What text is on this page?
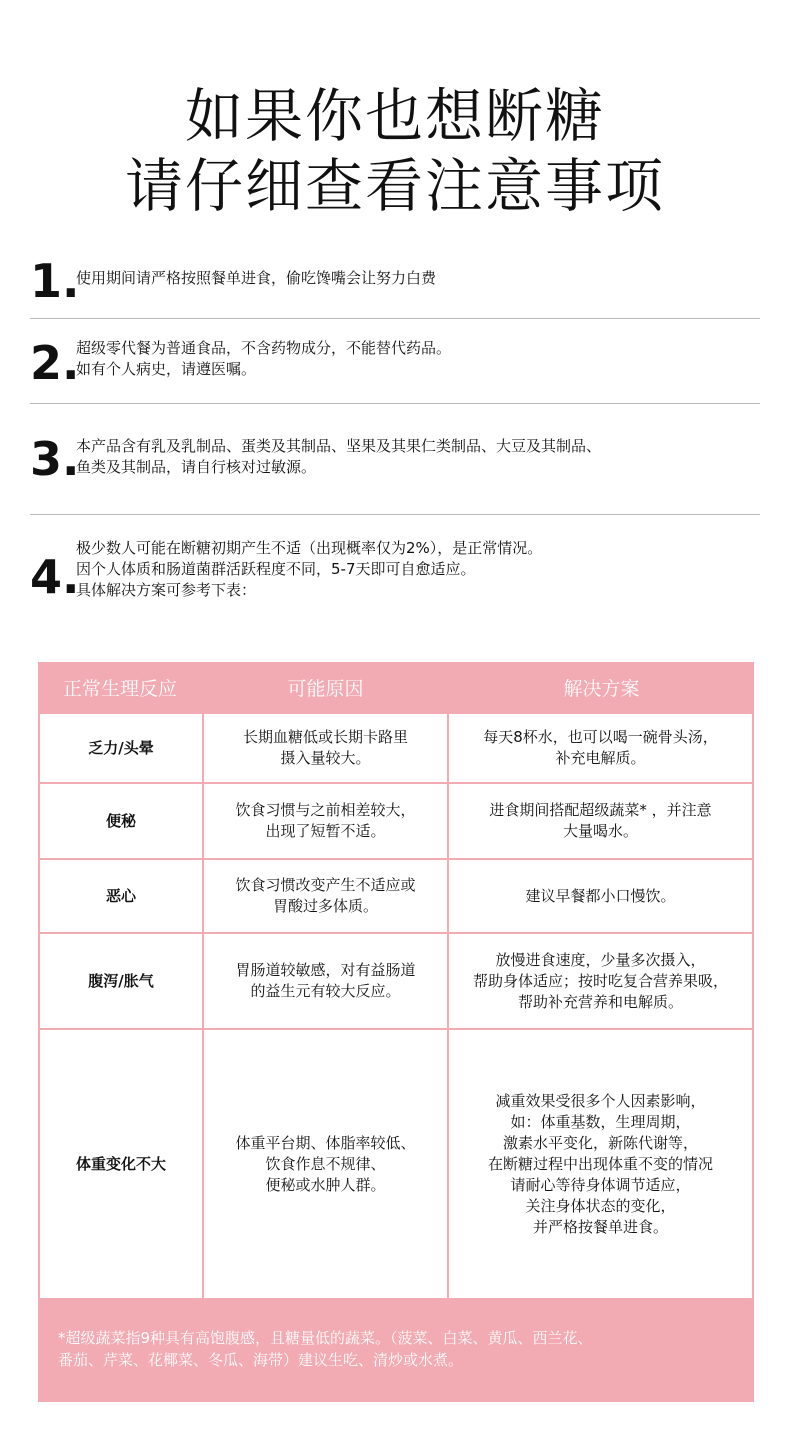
如果你也想断糖
请仔细查看注意事项
1.
使用期间请严格按照餐单进食，偷吃馋嘴会让努力白费
2.
超级零代餐为普通食品，不含药物成分，不能替代药品。
如有个人病史，请遵医嘱。
3.
本产品含有乳及乳制品、蛋类及其制品、坚果及其果仁类制品、大豆及其制品、
鱼类及其制品，请自行核对过敏源。
4.
极少数人可能在断糖初期产生不适（出现概率仅为2%），是正常情况。
因个人体质和肠道菌群活跃程度不同，5-7天即可自愈适应。
具体解决方案可参考下表：
正常生理反应	可能原因	解决方案
乏力/头晕
长期血糖低或长期卡路里
摄入量较大。
每天8杯水，也可以喝一碗骨头汤，
补充电解质。
便秘
饮食习惯与之前相差较大，
出现了短暂不适。
进食期间搭配超级蔬菜* ，并注意
大量喝水。
恶心
饮食习惯改变产生不适应或
胃酸过多体质。
建议早餐都小口慢饮。
腹泻/胀气
胃肠道较敏感，对有益肠道
的益生元有较大反应。
放慢进食速度，少量多次摄入，
帮助身体适应；按时吃复合营养果吸，
帮助补充营养和电解质。
体重变化不大
体重平台期、体脂率较低、
饮食作息不规律、
便秘或水肿人群。
减重效果受很多个人因素影响，
如：体重基数，生理周期，
激素水平变化，新陈代谢等，
在断糖过程中出现体重不变的情况
请耐心等待身体调节适应，
关注身体状态的变化，
并严格按餐单进食。
*超级蔬菜指9种具有高饱腹感，且糖量低的蔬菜。（菠菜、白菜、黄瓜、西兰花、
番茄、芹菜、花椰菜、冬瓜、海带）建议生吃、清炒或水煮。
